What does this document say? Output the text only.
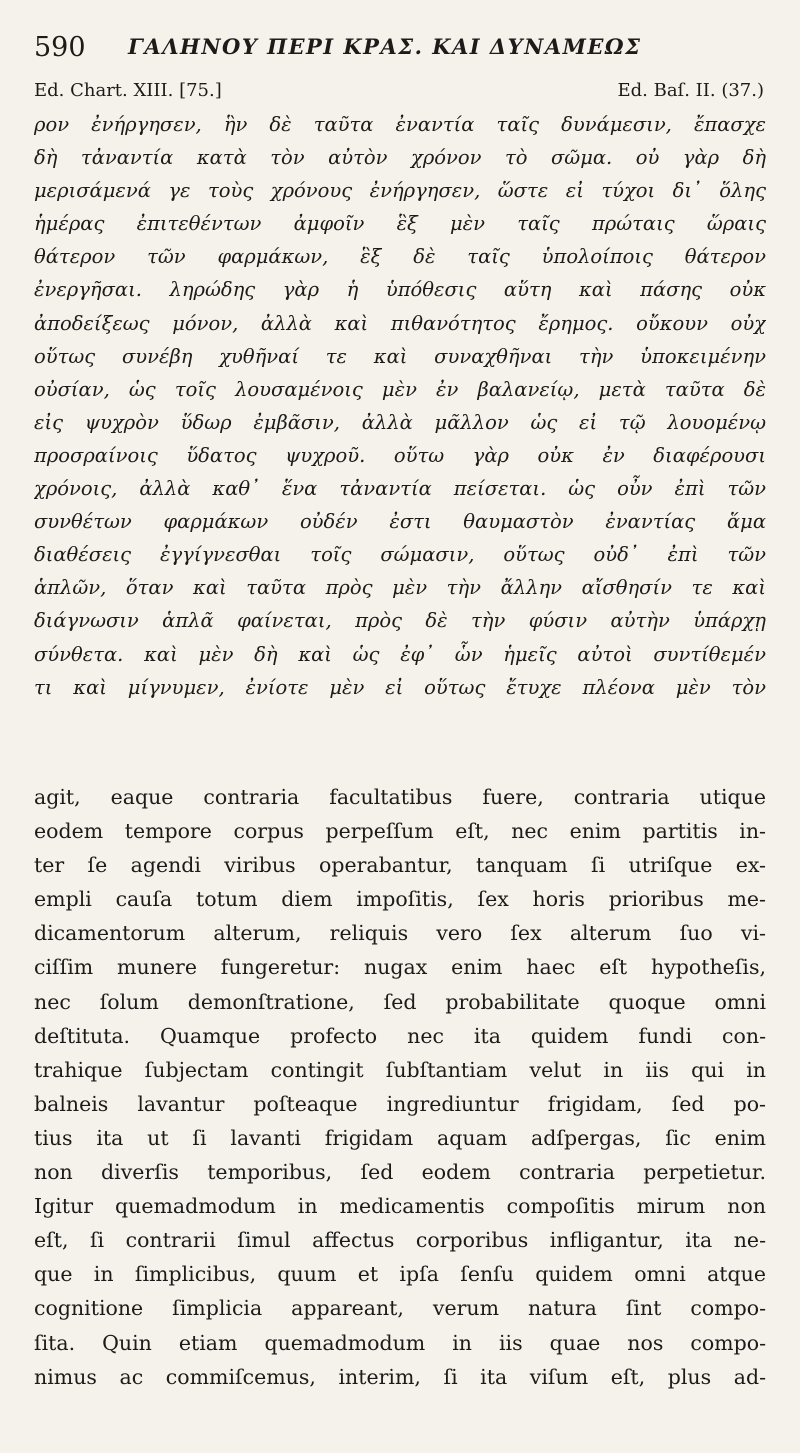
590 ΓΑΛΗΝΟΥ ΠΕΡΙ ΚΡΑΣ. ΚΑΙ ΔΥΝΑΜΕΩΣ
Ed. Chart. XIII. [75.]	Ed. Baſ. II. (37.)
ρον ἐνήργησεν, ἣν δὲ ταῦτα ἐναντία ταῖς δυνάμεσιν, ἔπασχε
δὴ τἀναντία κατὰ τὸν αὐτὸν χρόνον τὸ σῶμα. οὐ γὰρ δὴ
μερισάμενά γε τοὺς χρόνους ἐνήργησεν, ὥστε εἰ τύχοι δι᾿ ὅλης
ἡμέρας ἐπιτεθέντων ἀμφοῖν ἓξ μὲν ταῖς πρώταις ὥραις
θάτερον τῶν φαρμάκων, ἓξ δὲ ταῖς ὑπολοίποις θάτερον
ἐνεργῆσαι. ληρώδης γὰρ ἡ ὑπόθεσις αὕτη καὶ πάσης οὐκ
ἀποδείξεως μόνον, ἀλλὰ καὶ πιθανότητος ἔρημος. οὔκουν οὐχ
οὕτως συνέβη χυθῆναί τε καὶ συναχθῆναι τὴν ὑποκειμένην
οὐσίαν, ὡς τοῖς λουσαμένοις μὲν ἐν βαλανείῳ, μετὰ ταῦτα δὲ
εἰς ψυχρὸν ὕδωρ ἐμβᾶσιν, ἀλλὰ μᾶλλον ὡς εἰ τῷ λουομένῳ
προσραίνοις ὕδατος ψυχροῦ. οὕτω γὰρ οὐκ ἐν διαφέρουσι
χρόνοις, ἀλλὰ καθ᾿ ἕνα τἀναντία πείσεται. ὡς οὖν ἐπὶ τῶν
συνθέτων φαρμάκων οὐδέν ἐστι θαυμαστὸν ἐναντίας ἅμα
διαθέσεις ἐγγίγνεσθαι τοῖς σώμασιν, οὕτως οὐδ᾿ ἐπὶ τῶν
ἁπλῶν, ὅταν καὶ ταῦτα πρὸς μὲν τὴν ἄλλην αἴσθησίν τε καὶ
διάγνωσιν ἁπλᾶ φαίνεται, πρὸς δὲ τὴν φύσιν αὐτὴν ὑπάρχῃ
σύνθετα. καὶ μὲν δὴ καὶ ὡς ἐφ᾿ ὧν ἡμεῖς αὐτοὶ συντίθεμέν
τι καὶ μίγνυμεν, ἐνίοτε μὲν εἰ οὕτως ἔτυχε πλέονα μὲν τὸν
agit, eaque contraria facultatibus fuere, contraria utique
eodem tempore corpus perpeſſum eſt, nec enim partitis in-
ter ſe agendi viribus operabantur, tanquam ſi utriſque ex-
empli cauſa totum diem impoſitis, ſex horis prioribus me-
dicamentorum alterum, reliquis vero ſex alterum ſuo vi-
ciſſim munere fungeretur: nugax enim haec eſt hypotheſis,
nec ſolum demonſtratione, ſed probabilitate quoque omni
deſtituta. Quamque profecto nec ita quidem fundi con-
trahique ſubjectam contingit ſubſtantiam velut in iis qui in
balneis lavantur poſteaque ingrediuntur frigidam, ſed po-
tius ita ut ſi lavanti frigidam aquam adſpergas, ſic enim
non diverſis temporibus, ſed eodem contraria perpetietur.
Igitur quemadmodum in medicamentis compoſitis mirum non
eſt, ſi contrarii ſimul affectus corporibus infligantur, ita ne-
que in ſimplicibus, quum et ipſa ſenſu quidem omni atque
cognitione ſimplicia appareant, verum natura ſint compo-
ſita. Quin etiam quemadmodum in iis quae nos compo-
nimus ac commiſcemus, interim, ſi ita viſum eſt, plus ad-
